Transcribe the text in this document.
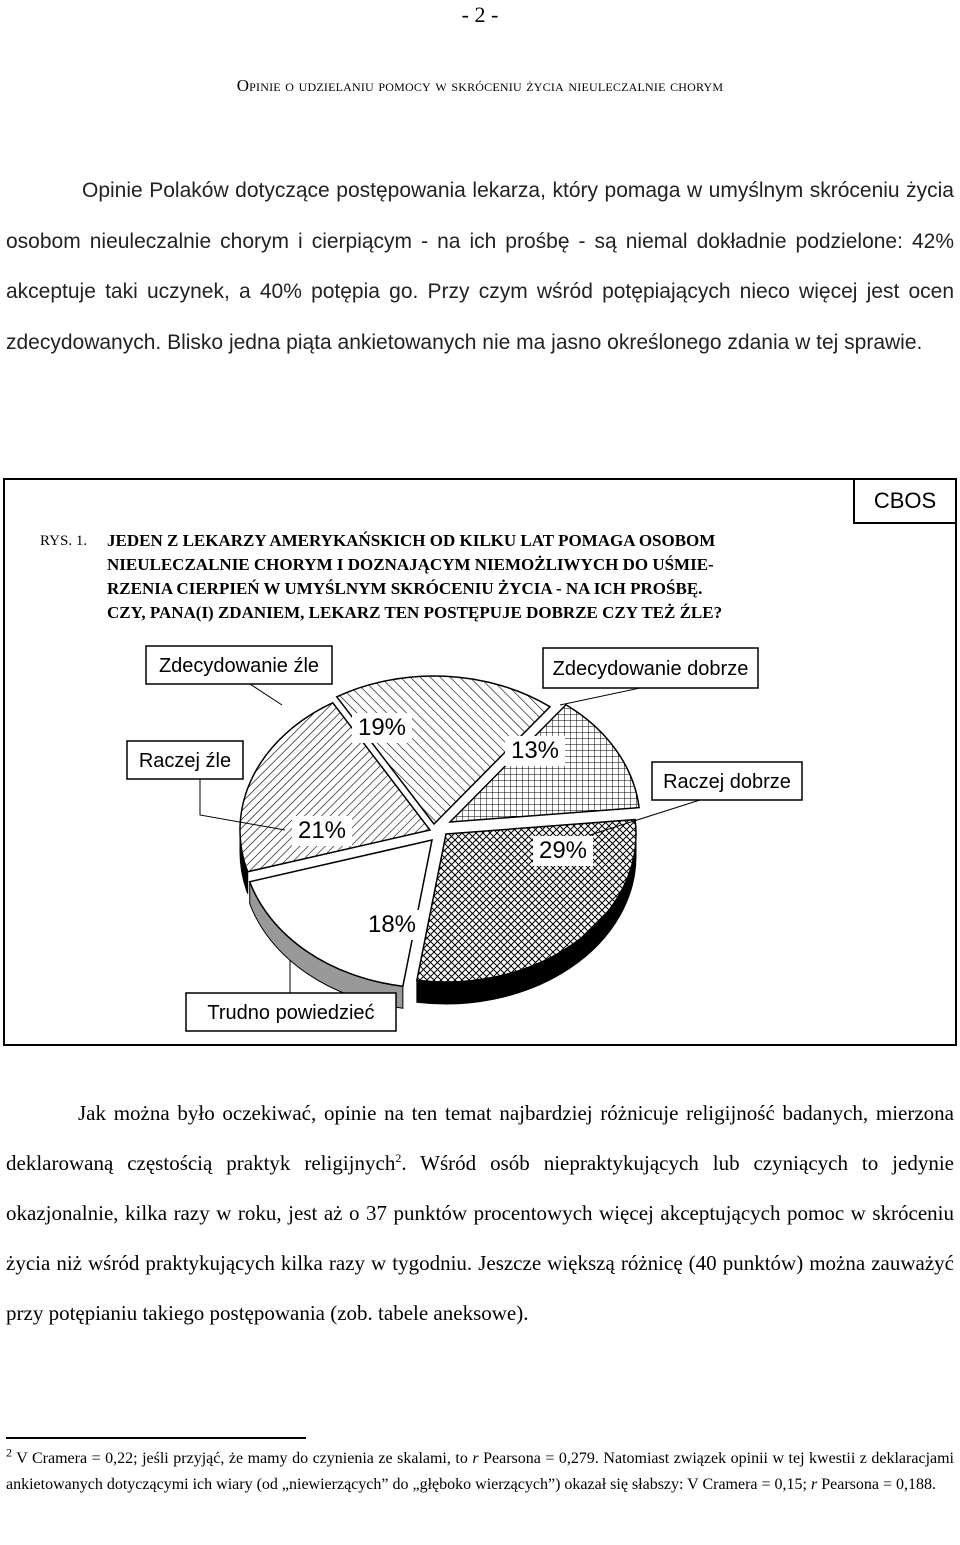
- 2 -
Opinie o udzielaniu pomocy w skróceniu życia nieuleczalnie chorym

Opinie Polaków dotyczące postępowania lekarza, który pomaga w umyślnym skróceniu życia osobom nieuleczalnie chorym i cierpiącym - na ich prośbę - są niemal dokładnie podzielone: 42% akceptuje taki uczynek, a 40% potępia go. Przy czym wśród potępiających nieco więcej jest ocen zdecydowanych. Blisko jedna piąta ankietowanych nie ma jasno określonego zdania w tej sprawie.

CBOS
RYS. 1. JEDEN Z LEKARZY AMERYKAŃSKICH OD KILKU LAT POMAGA OSOBOM
NIEULECZALNIE CHORYM I DOZNAJĄCYM NIEMOŻLIWYCH DO UŚMIE-
RZENIA CIERPIEŃ W UMYŚLNYM SKRÓCENIU ŻYCIA - NA ICH PROŚBĘ.
CZY, PANA(I) ZDANIEM, LEKARZ TEN POSTĘPUJE DOBRZE CZY TEŻ ŹLE?
19%
Zdecydowanie źle
13%
Zdecydowanie dobrze
29%
Raczej dobrze
18%
Trudno powiedzieć
21%
Raczej źle

Jak można było oczekiwać, opinie na ten temat najbardziej różnicuje religijność badanych, mierzona deklarowaną częstością praktyk religijnych$^2$. Wśród osób niepraktykujących lub czyniących to jedynie okazjonalnie, kilka razy w roku, jest aż o 37 punktów procentowych więcej akceptujących pomoc w skróceniu życia niż wśród praktykujących kilka razy w tygodniu. Jeszcze większą różnicę (40 punktów) można zauważyć przy potępianiu takiego postępowania (zob. tabele aneksowe).

$^2$ V Cramera = 0,22; jeśli przyjąć, że mamy do czynienia ze skalami, to r Pearsona = 0,279. Natomiast związek opinii w tej kwestii z deklaracjami ankietowanych dotyczącymi ich wiary (od „niewierzących” do „głęboko wierzących”) okazał się słabszy: V Cramera = 0,15; r Pearsona = 0,188.
